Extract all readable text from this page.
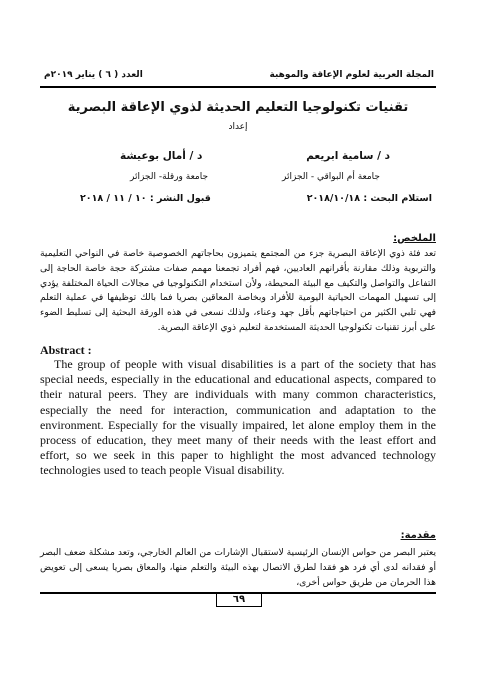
المجلة العربية لعلوم الإعاقة والموهبة
العدد ( ٦ ) يناير ٢٠١٩م
تقنيات تكنولوجيا التعليم الحديثة لذوي الإعاقة البصرية
إعداد
د / سامية ابريعم
د / أمال بوعيشة
جامعة أم البواقي - الجزائر
جامعة ورقلة- الجزائر
استلام البحث : ٢٠١٨/١٠/١٨
قبول النشر : ١٠ / ١١ / ٢٠١٨
الملخص:
تعد فئة ذوي الإعاقة البصرية جزء من المجتمع يتميزون بحاجاتهم الخصوصية خاصة في النواحي التعليمية والتربوية وذلك مقارنة بأقرانهم العاديين، فهم أفراد تجمعنا مهمم صفات مشتركة حجة خاصة الحاجة إلى التفاعل والتواصل والتكيف مع البيئة المحيطة، ولأن استخدام التكنولوجيا في مجالات الحياة المختلفة يؤدي إلى تسهيل المهمات الحياتية اليومية للأفراد وبخاصة المعاقين بصريا فما بالك توظيفها في عملية التعلم فهي تلبي الكثير من احتياجاتهم بأقل جهد وعناء، ولذلك نسعى في هذه الورقة البحثية إلى تسليط الضوء على أبرز تقنيات تكنولوجيا الحديثة المستخدمة لتعليم ذوي الإعاقة البصرية.
Abstract :
The group of people with visual disabilities is a part of the society that has special needs, especially in the educational and educational aspects, compared to their natural peers. They are individuals with many common characteristics, especially the need for interaction, communication and adaptation to the environment. Especially for the visually impaired, let alone employ them in the process of education, they meet many of their needs with the least effort and effort, so we seek in this paper to highlight the most advanced technology technologies used to teach people Visual disability.
مقدمة:
يعتبر البصر من حواس الإنسان الرئيسية لاستقبال الإشارات من العالم الخارجي، وتعد مشكلة ضعف البصر أو فقدانه لدى أي فرد هو فقدا لطرق الاتصال بهذه البيئة والتعلم منها، والمعاق بصريا يسعى إلى تعويض هذا الحرمان من طريق حواس أخرى،
٦٩
